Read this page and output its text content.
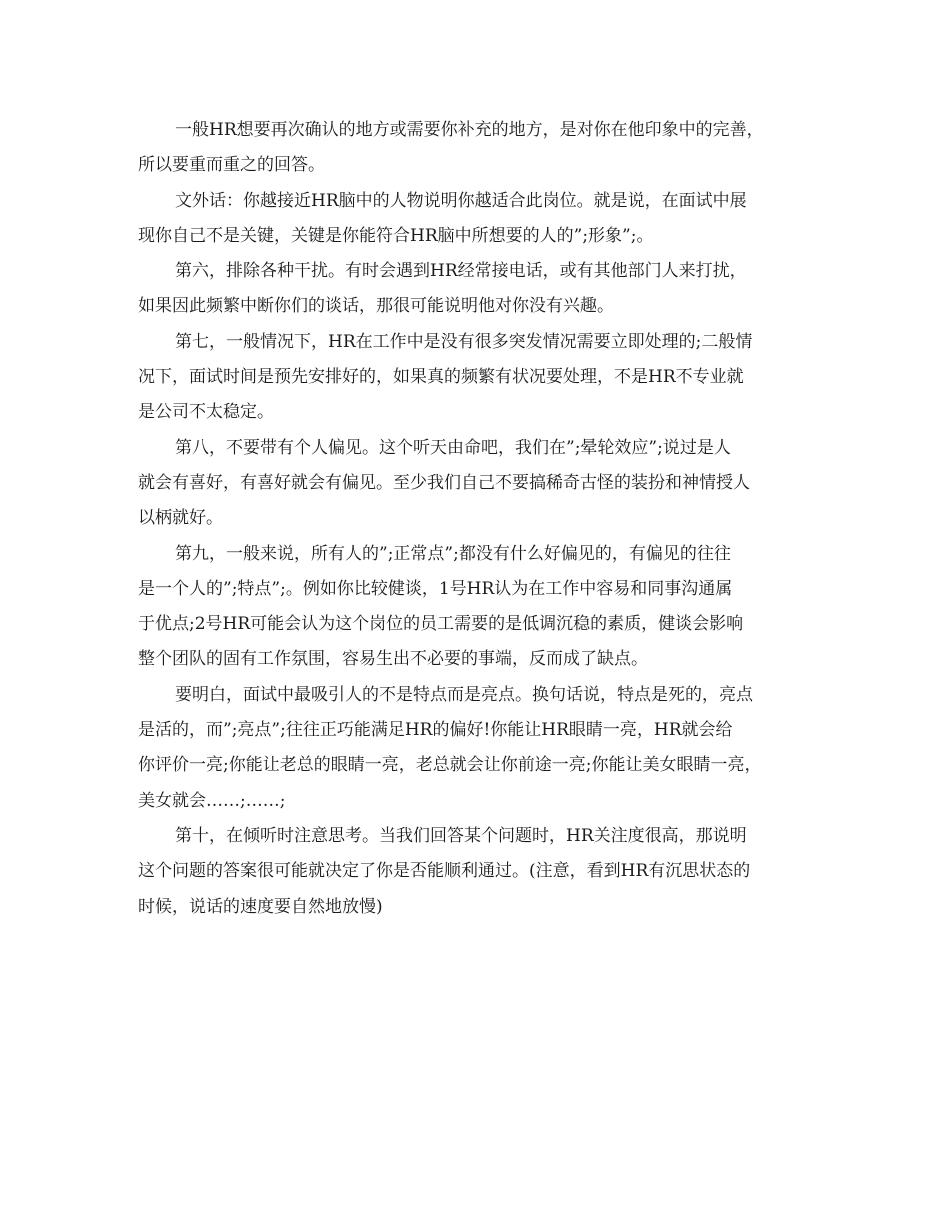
一般HR想要再次确认的地方或需要你补充的地方，是对你在他印象中的完善，
所以要重而重之的回答。
文外话：你越接近HR脑中的人物说明你越适合此岗位。就是说，在面试中展
现你自己不是关键，关键是你能符合HR脑中所想要的人的”;形象”;。
第六，排除各种干扰。有时会遇到HR经常接电话，或有其他部门人来打扰，
如果因此频繁中断你们的谈话，那很可能说明他对你没有兴趣。
第七，一般情况下，HR在工作中是没有很多突发情况需要立即处理的;二般情
况下，面试时间是预先安排好的，如果真的频繁有状况要处理，不是HR不专业就
是公司不太稳定。
第八，不要带有个人偏见。这个听天由命吧，我们在”;晕轮效应”;说过是人
就会有喜好，有喜好就会有偏见。至少我们自己不要搞稀奇古怪的装扮和神情授人
以柄就好。
第九，一般来说，所有人的”;正常点”;都没有什么好偏见的，有偏见的往往
是一个人的”;特点”;。例如你比较健谈，1号HR认为在工作中容易和同事沟通属
于优点;2号HR可能会认为这个岗位的员工需要的是低调沉稳的素质，健谈会影响
整个团队的固有工作氛围，容易生出不必要的事端，反而成了缺点。
要明白，面试中最吸引人的不是特点而是亮点。换句话说，特点是死的，亮点
是活的，而”;亮点”;往往正巧能满足HR的偏好!你能让HR眼睛一亮，HR就会给
你评价一亮;你能让老总的眼睛一亮，老总就会让你前途一亮;你能让美女眼睛一亮，
美女就会……;……;
第十，在倾听时注意思考。当我们回答某个问题时，HR关注度很高，那说明
这个问题的答案很可能就决定了你是否能顺利通过。(注意，看到HR有沉思状态的
时候，说话的速度要自然地放慢)
